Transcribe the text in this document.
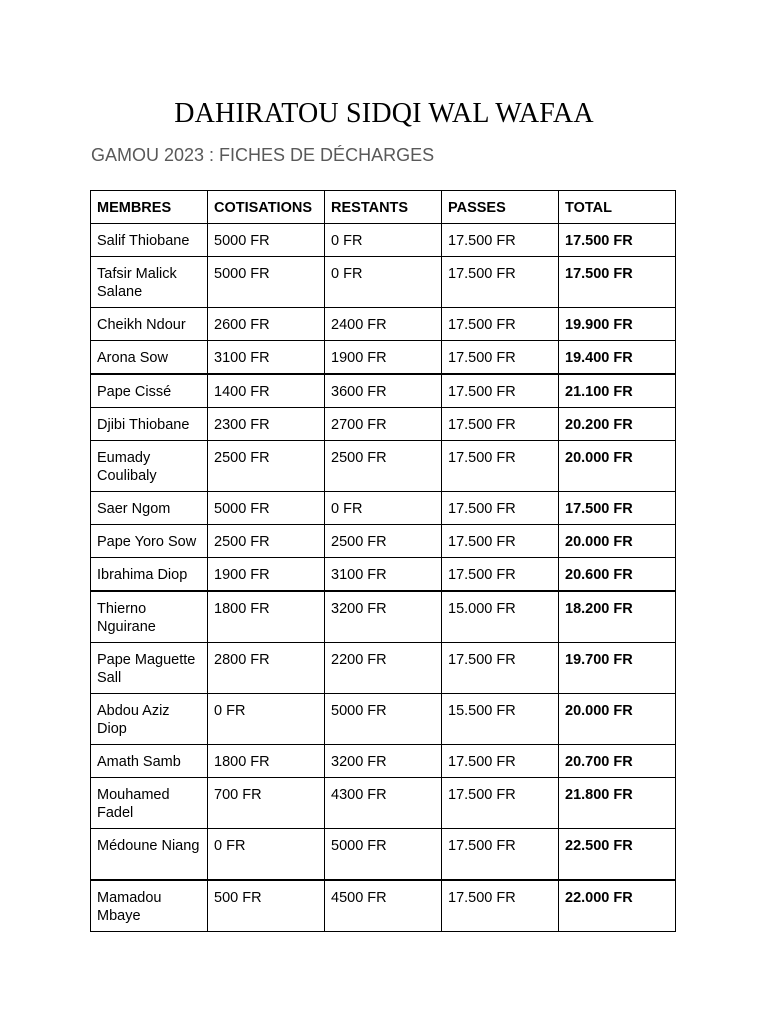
DAHIRATOU SIDQI WAL WAFAA
GAMOU 2023 : FICHES DE DÉCHARGES
MEMBRES	COTISATIONS	RESTANTS	PASSES	TOTAL
Salif Thiobane	5000 FR	0 FR	17.500 FR	17.500 FR
Tafsir Malick Salane	5000 FR	0 FR	17.500 FR	17.500 FR
Cheikh Ndour	2600 FR	2400 FR	17.500 FR	19.900 FR
Arona Sow	3100 FR	1900 FR	17.500 FR	19.400 FR
Pape Cissé	1400 FR	3600 FR	17.500 FR	21.100 FR
Djibi Thiobane	2300 FR	2700 FR	17.500 FR	20.200 FR
Eumady Coulibaly	2500 FR	2500 FR	17.500 FR	20.000 FR
Saer Ngom	5000 FR	0 FR	17.500 FR	17.500 FR
Pape Yoro Sow	2500 FR	2500 FR	17.500 FR	20.000 FR
Ibrahima Diop	1900 FR	3100 FR	17.500 FR	20.600 FR
Thierno Nguirane	1800 FR	3200 FR	15.000 FR	18.200 FR
Pape Maguette Sall	2800 FR	2200 FR	17.500 FR	19.700 FR
Abdou Aziz Diop	0 FR	5000 FR	15.500 FR	20.000 FR
Amath Samb	1800 FR	3200 FR	17.500 FR	20.700 FR
Mouhamed Fadel	700 FR	4300 FR	17.500 FR	21.800 FR
Médoune Niang	0 FR	5000 FR	17.500 FR	22.500 FR
Mamadou Mbaye	500 FR	4500 FR	17.500 FR	22.000 FR
